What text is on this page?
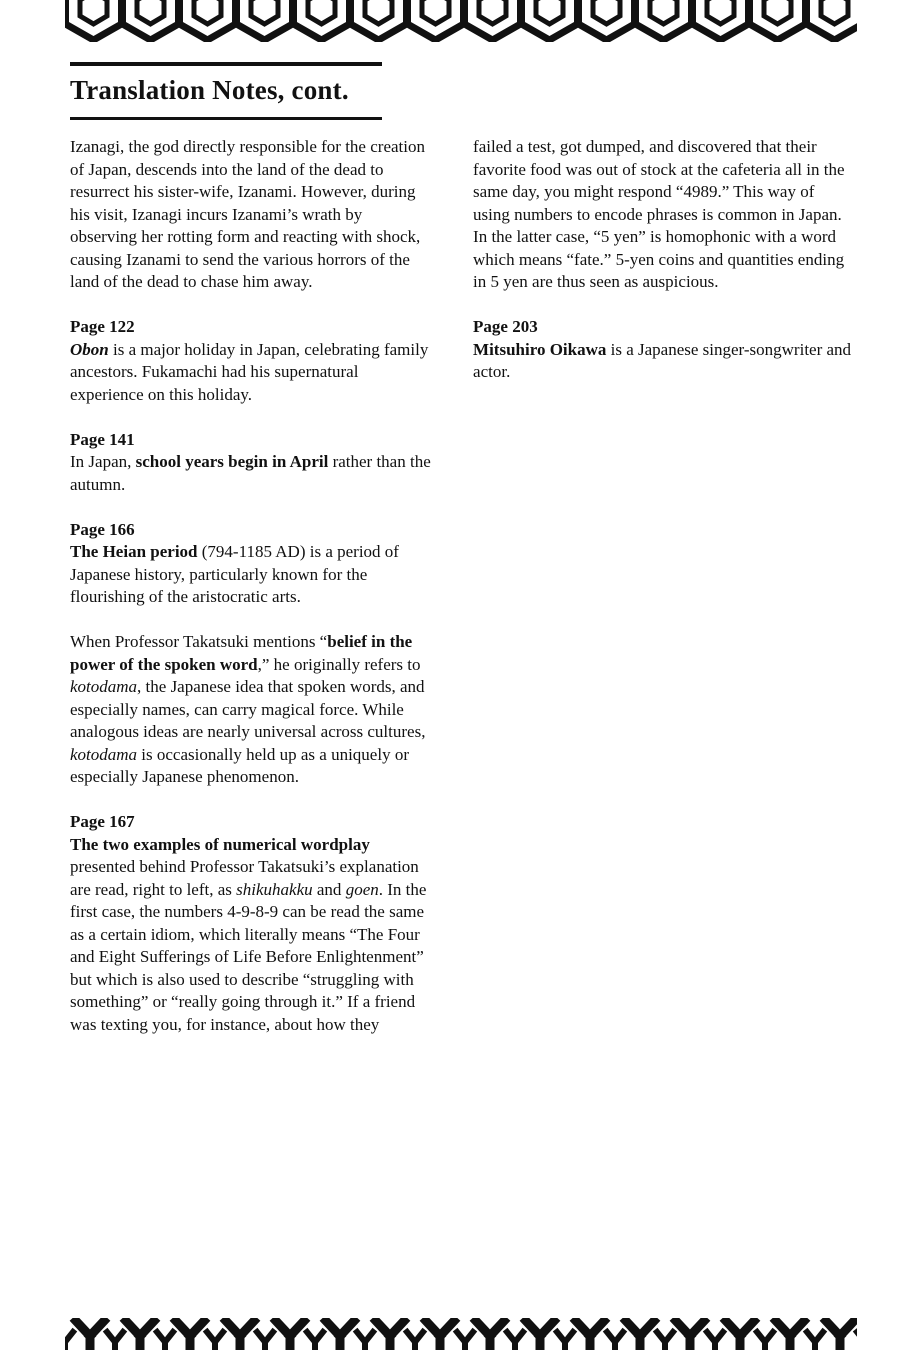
Translation Notes, cont.
Izanagi, the god directly responsible for the creation of Japan, descends into the land of the dead to resurrect his sister-wife, Izanami. However, during his visit, Izanagi incurs Izanami’s wrath by observing her rotting form and reacting with shock, causing Izanami to send the various horrors of the land of the dead to chase him away.
Page 122
Obon is a major holiday in Japan, celebrating family ancestors. Fukamachi had his supernatural experience on this holiday.
Page 141
In Japan, school years begin in April rather than the autumn.
Page 166
The Heian period (794-1185 AD) is a period of Japanese history, particularly known for the flourishing of the aristocratic arts.
When Professor Takatsuki mentions “belief in the power of the spoken word,” he originally refers to kotodama, the Japanese idea that spoken words, and especially names, can carry magical force. While analogous ideas are nearly universal across cultures, kotodama is occasionally held up as a uniquely or especially Japanese phenomenon.
Page 167
The two examples of numerical wordplay presented behind Professor Takatsuki’s explanation are read, right to left, as shikuhakku and goen. In the first case, the numbers 4-9-8-9 can be read the same as a certain idiom, which literally means “The Four and Eight Sufferings of Life Before Enlightenment” but which is also used to describe “struggling with something” or “really going through it.” If a friend was texting you, for instance, about how they
failed a test, got dumped, and discovered that their favorite food was out of stock at the cafeteria all in the same day, you might respond “4989.” This way of using numbers to encode phrases is common in Japan. In the latter case, “5 yen” is homophonic with a word which means “fate.” 5-yen coins and quantities ending in 5 yen are thus seen as auspicious.
Page 203
Mitsuhiro Oikawa is a Japanese singer-songwriter and actor.
